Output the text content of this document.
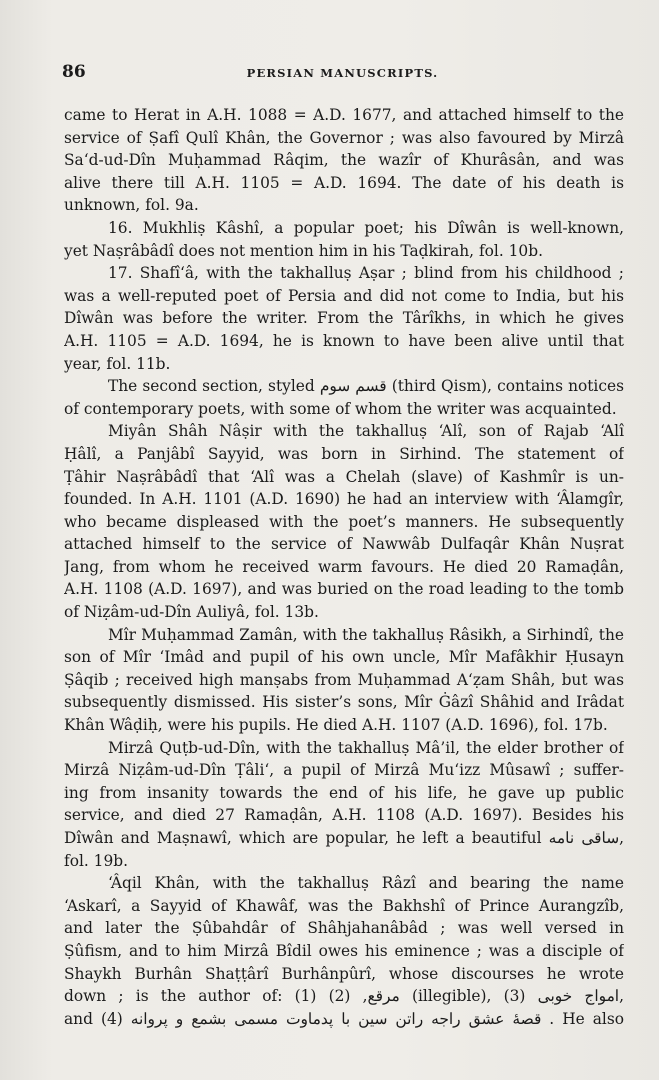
86	PERSIAN MANUSCRIPTS.
came to Herat in A.H. 1088 = A.D. 1677, and attached himself to the
service of Ṣafî Qulî Khân, the Governor ; was also favoured by Mirzâ
Sa‘d-ud-Dîn Muḥammad Râqim, the wazîr of Khurâsân, and was
alive there till A.H. 1105 = A.D. 1694. The date of his death is
unknown, fol. 9a.
16. Mukhliṣ Kâshî, a popular poet; his Dîwân is well-known,
yet Naṣrâbâdî does not mention him in his Taḍkirah, fol. 10b.
17. Shafî‘â, with the takhalluṣ Aṣar ; blind from his childhood ;
was a well-reputed poet of Persia and did not come to India, but his
Dîwân was before the writer. From the Târîkhs, in which he gives
A.H. 1105 = A.D. 1694, he is known to have been alive until that
year, fol. 11b.
The second section, styled قسم سوم (third Qism), contains notices
of contemporary poets, with some of whom the writer was acquainted.
Miyân Shâh Nâṣir with the takhalluṣ ‘Alî, son of Rajab ‘Alî
Ḥâlî, a Panjâbî Sayyid, was born in Sirhind. The statement of
Ṭâhir Naṣrâbâdî that ‘Alî was a Chelah (slave) of Kashmîr is un-
founded. In A.H. 1101 (A.D. 1690) he had an interview with ‘Âlamgîr,
who became displeased with the poet’s manners. He subsequently
attached himself to the service of Nawwâb Dulfaqâr Khân Nuṣrat
Jang, from whom he received warm favours. He died 20 Ramaḍân,
A.H. 1108 (A.D. 1697), and was buried on the road leading to the tomb
of Niẓâm-ud-Dîn Auliyâ, fol. 13b.
Mîr Muḥammad Zamân, with the takhalluṣ Râsikh, a Sirhindî, the
son of Mîr ‘Imâd and pupil of his own uncle, Mîr Mafâkhir Ḥusayn
Ṣâqib ; received high manṣabs from Muḥammad A‘ẓam Shâh, but was
subsequently dismissed. His sister’s sons, Mîr Ġâzî Shâhid and Irâdat
Khân Wâḍiḥ, were his pupils. He died A.H. 1107 (A.D. 1696), fol. 17b.
Mirzâ Quṭb-ud-Dîn, with the takhalluṣ Mâ’il, the elder brother of
Mirzâ Niẓâm-ud-Dîn Ṭâli‘, a pupil of Mirzâ Mu‘izz Mûsawî ; suffer-
ing from insanity towards the end of his life, he gave up public
service, and died 27 Ramaḍân, A.H. 1108 (A.D. 1697). Besides his
Dîwân and Maṣnawî, which are popular, he left a beautiful ساقی نامه,
fol. 19b.
‘Âqil Khân, with the takhalluṣ Râzî and bearing the name
‘Askarî, a Sayyid of Khawâf, was the Bakhshî of Prince Aurangzîb,
and later the Ṣûbahdâr of Shâhjahanâbâd ; was well versed in
Ṣûfism, and to him Mirzâ Bîdil owes his eminence ; was a disciple of
Shaykh Burhân Shaṭṭârî Burhânpûrî, whose discourses he wrote
down ; is the author of: (1) مرقع, (2) (illegible), (3) امواج خوبی,
and (4) قصهٔ عشق راجه راتن سین با پدماوت مسمی بشمع و پروانه . He also
